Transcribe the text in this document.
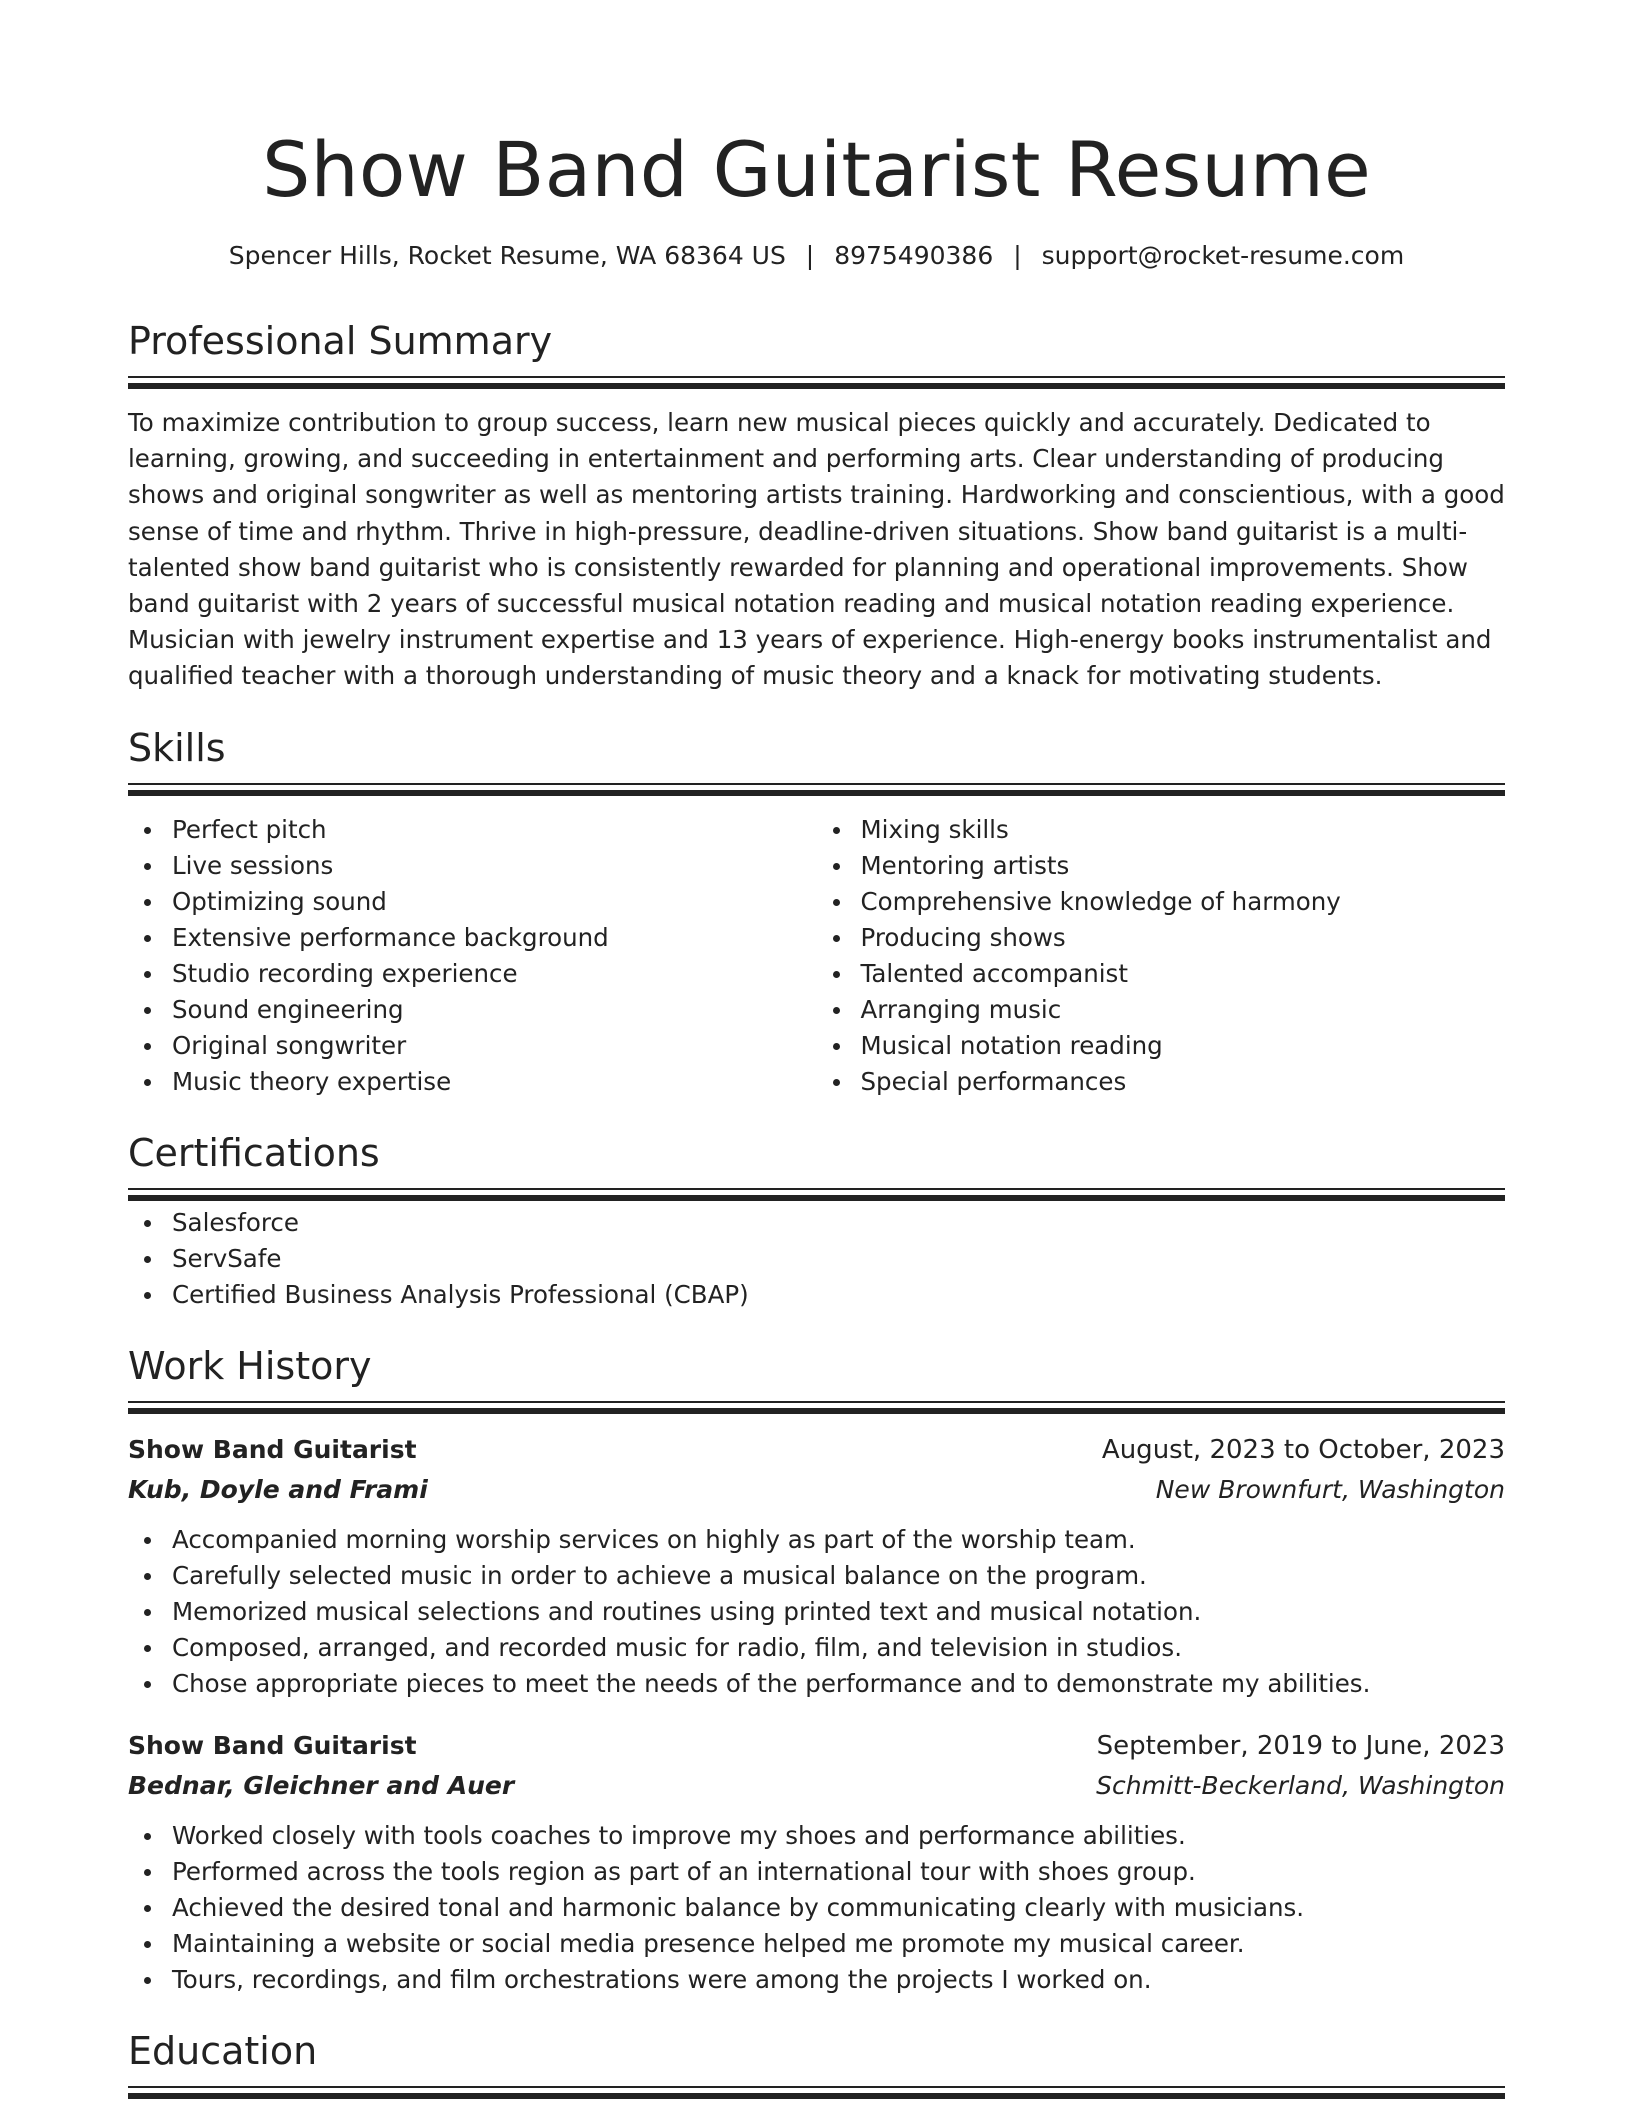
Show Band Guitarist Resume
Spencer Hills, Rocket Resume, WA 68364 US | 8975490386 | support@rocket-resume.com
Professional Summary

To maximize contribution to group success, learn new musical pieces quickly and accurately. Dedicated to learning, growing, and succeeding in entertainment and performing arts. Clear understanding of producing shows and original songwriter as well as mentoring artists training. Hardworking and conscientious, with a good sense of time and rhythm. Thrive in high-pressure, deadline-driven situations. Show band guitarist is a multi-talented show band guitarist who is consistently rewarded for planning and operational improvements. Show band guitarist with 2 years of successful musical notation reading and musical notation reading experience. Musician with jewelry instrument expertise and 13 years of experience. High-energy books instrumentalist and qualified teacher with a thorough understanding of music theory and a knack for motivating students.

Skills
Perfect pitch
Live sessions
Optimizing sound
Extensive performance background
Studio recording experience
Sound engineering
Original songwriter
Music theory expertise
Mixing skills
Mentoring artists
Comprehensive knowledge of harmony
Producing shows
Talented accompanist
Arranging music
Musical notation reading
Special performances
Certifications
Salesforce
ServSafe
Certified Business Analysis Professional (CBAP)
Work History
Show Band Guitarist	August, 2023 to October, 2023
Kub, Doyle and Frami	New Brownfurt, Washington
Accompanied morning worship services on highly as part of the worship team.
Carefully selected music in order to achieve a musical balance on the program.
Memorized musical selections and routines using printed text and musical notation.
Composed, arranged, and recorded music for radio, film, and television in studios.
Chose appropriate pieces to meet the needs of the performance and to demonstrate my abilities.
Show Band Guitarist	September, 2019 to June, 2023
Bednar, Gleichner and Auer	Schmitt-Beckerland, Washington
Worked closely with tools coaches to improve my shoes and performance abilities.
Performed across the tools region as part of an international tour with shoes group.
Achieved the desired tonal and harmonic balance by communicating clearly with musicians.
Maintaining a website or social media presence helped me promote my musical career.
Tours, recordings, and film orchestrations were among the projects I worked on.
Education
